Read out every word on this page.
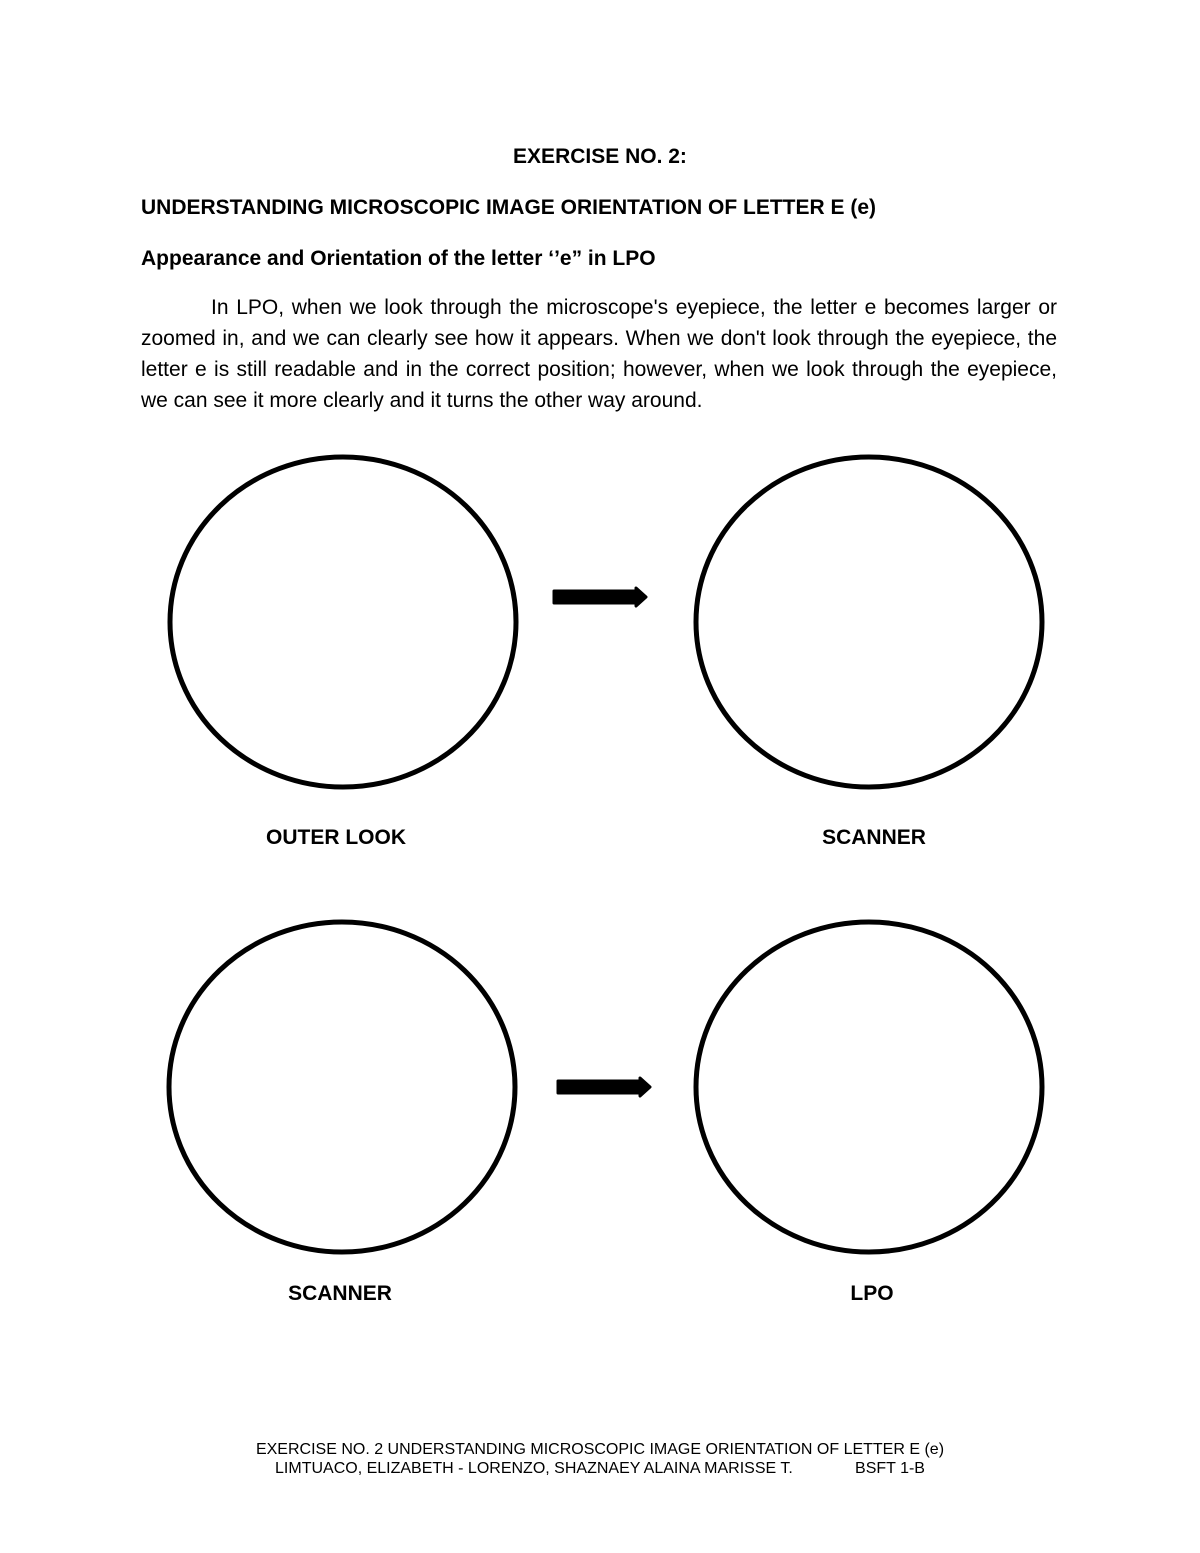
EXERCISE NO. 2:
UNDERSTANDING MICROSCOPIC IMAGE ORIENTATION OF LETTER E (e)
Appearance and Orientation of the letter ‘’e” in LPO

In LPO, when we look through the microscope's eyepiece, the letter e becomes larger or zoomed in, and we can clearly see how it appears. When we don't look through the eyepiece, the letter e is still readable and in the correct position; however, when we look through the eyepiece, we can see it more clearly and it turns the other way around.

OUTER LOOK	SCANNER

SCANNER	LPO

EXERCISE NO. 2 UNDERSTANDING MICROSCOPIC IMAGE ORIENTATION OF LETTER E (e)
LIMTUACO, ELIZABETH - LORENZO, SHAZNAEY ALAINA MARISSE T.	BSFT 1-B
